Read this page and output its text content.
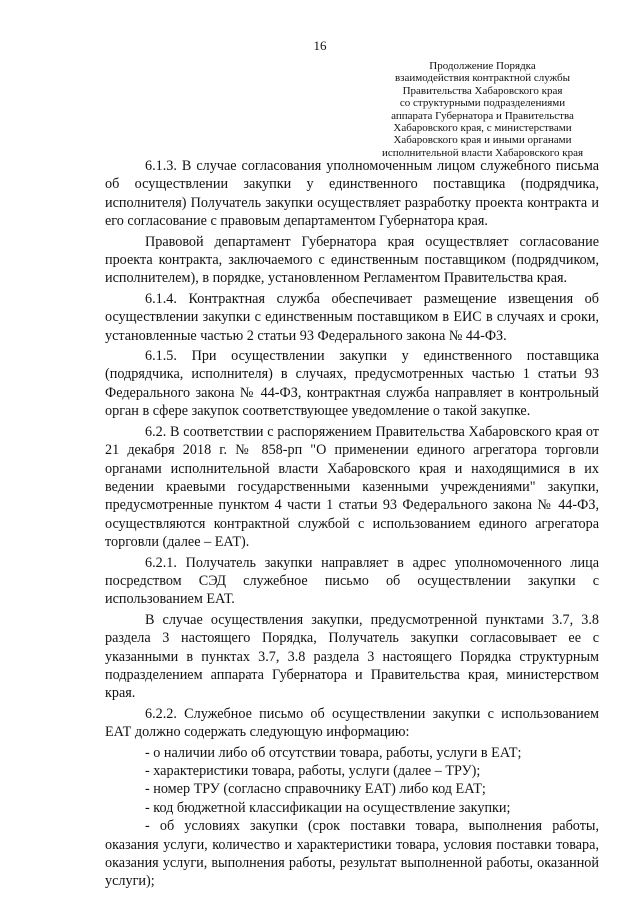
16
Продолжение Порядка
взаимодействия контрактной службы
Правительства Хабаровского края
со структурными подразделениями
аппарата Губернатора и Правительства
Хабаровского края, с министерствами
Хабаровского края и иными органами
исполнительной власти Хабаровского края

6.1.3. В случае согласования уполномоченным лицом служебного письма об осуществлении закупки у единственного поставщика (подрядчика, исполнителя) Получатель закупки осуществляет разработку проекта контракта и его согласование с правовым департаментом Губернатора края.

Правовой департамент Губернатора края осуществляет согласование проекта контракта, заключаемого с единственным поставщиком (подрядчиком, исполнителем), в порядке, установленном Регламентом Правительства края.

6.1.4. Контрактная служба обеспечивает размещение извещения об осуществлении закупки с единственным поставщиком в ЕИС в случаях и сроки, установленные частью 2 статьи 93 Федерального закона № 44-ФЗ.

6.1.5. При осуществлении закупки у единственного поставщика (подрядчика, исполнителя) в случаях, предусмотренных частью 1 статьи 93 Федерального закона № 44-ФЗ, контрактная служба направляет в контрольный орган в сфере закупок соответствующее уведомление о такой закупке.

6.2. В соответствии с распоряжением Правительства Хабаровского края от 21 декабря 2018 г. № 858-рп "О применении единого агрегатора торговли органами исполнительной власти Хабаровского края и находящимися в их ведении краевыми государственными казенными учреждениями" закупки, предусмотренные пунктом 4 части 1 статьи 93 Федерального закона № 44-ФЗ, осуществляются контрактной службой с использованием единого агрегатора торговли (далее – ЕАТ).

6.2.1. Получатель закупки направляет в адрес уполномоченного лица посредством СЭД служебное письмо об осуществлении закупки с использованием ЕАТ.

В случае осуществления закупки, предусмотренной пунктами 3.7, 3.8 раздела 3 настоящего Порядка, Получатель закупки согласовывает ее с указанными в пунктах 3.7, 3.8 раздела 3 настоящего Порядка структурным подразделением аппарата Губернатора и Правительства края, министерством края.

6.2.2. Служебное письмо об осуществлении закупки с использованием ЕАТ должно содержать следующую информацию:

- о наличии либо об отсутствии товара, работы, услуги в ЕАТ;

- характеристики товара, работы, услуги (далее – ТРУ);

- номер ТРУ (согласно справочнику ЕАТ) либо код ЕАТ;

- код бюджетной классификации на осуществление закупки;

- об условиях закупки (срок поставки товара, выполнения работы, оказания услуги, количество и характеристики товара, условия поставки товара, оказания услуги, выполнения работы, результат выполненной работы, оказанной услуги);
